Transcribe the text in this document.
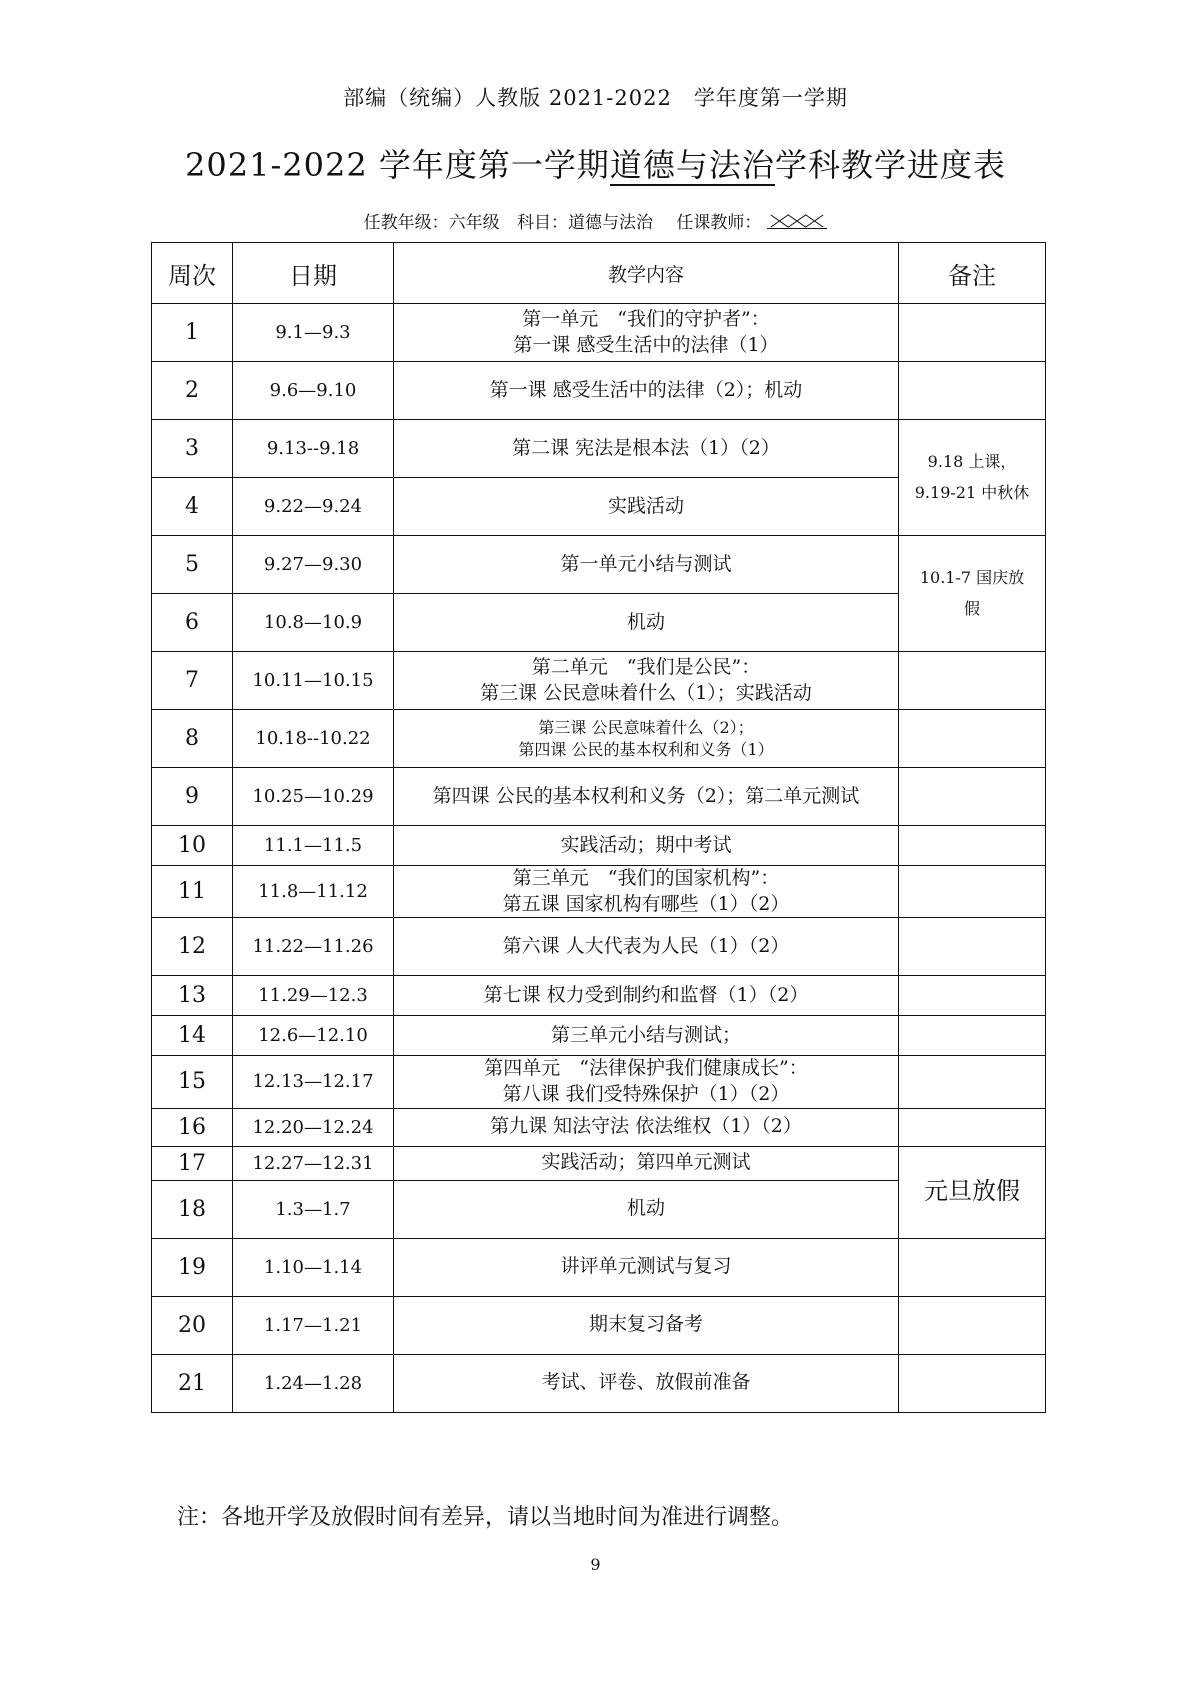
部编（统编）人教版 2021-2022　学年度第一学期
2021-2022 学年度第一学期道德与法治学科教学进度表
任教年级：六年级 科目：道德与法治 任课教师：
周次	日期	教学内容	备注
1	9.1—9.3	第一单元　“我们的守护者”：
第一课 感受生活中的法律（1）	
2	9.6—9.10	第一课 感受生活中的法律（2）；机动	
3	9.13--9.18	第二课 宪法是根本法（1）（2）	9.18 上课，
9.19-21 中秋休
4	9.22—9.24	实践活动	
5	9.27—9.30	第一单元小结与测试	10.1-7 国庆放
假
6	10.8—10.9	机动	
7	10.11—10.15	第二单元　“我们是公民”：
第三课 公民意味着什么（1）；实践活动	
8	10.18--10.22	第三课 公民意味着什么（2）；
第四课 公民的基本权利和义务（1）	
9	10.25—10.29	第四课 公民的基本权利和义务（2）；第二单元测试	
10	11.1—11.5	实践活动；期中考试	
11	11.8—11.12	第三单元　“我们的国家机构”：
第五课 国家机构有哪些（1）（2）	
12	11.22—11.26	第六课 人大代表为人民（1）（2）	
13	11.29—12.3	第七课 权力受到制约和监督（1）（2）	
14	12.6—12.10	第三单元小结与测试；	
15	12.13—12.17	第四单元　“法律保护我们健康成长”：
第八课 我们受特殊保护（1）（2）	
16	12.20—12.24	第九课 知法守法 依法维权（1）（2）	
17	12.27—12.31	实践活动；第四单元测试	元旦放假
18	1.3—1.7	机动	
19	1.10—1.14	讲评单元测试与复习	
20	1.17—1.21	期末复习备考	
21	1.24—1.28	考试、评卷、放假前准备	
注：各地开学及放假时间有差异，请以当地时间为准进行调整。
9
